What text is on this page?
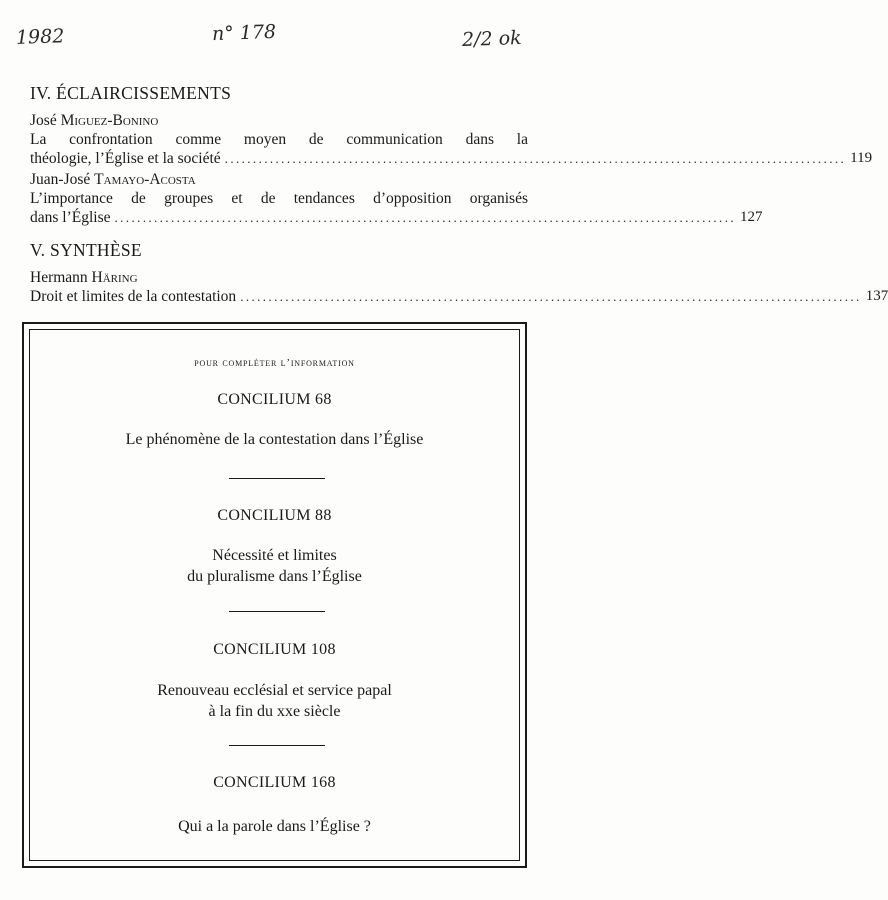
1982	n° 178	2/2 ok
IV. ÉCLAIRCISSEMENTS
José Miguez-Bonino
La confrontation comme moyen de communication dans la
théologie, l’Église et la société .............................................................................................................. 119
Juan-José Tamayo-Acosta
L’importance de groupes et de tendances d’opposition organisés
dans l’Église .............................................................................................................. 127
V. SYNTHÈSE
Hermann Häring
Droit et limites de la contestation .............................................................................................................. 137
pour compléter l’information
CONCILIUM 68
Le phénomène de la contestation dans l’Église
CONCILIUM 88
Nécessité et limites
du pluralisme dans l’Église
CONCILIUM 108
Renouveau ecclésial et service papal
à la fin du xxe siècle
CONCILIUM 168
Qui a la parole dans l’Église ?
